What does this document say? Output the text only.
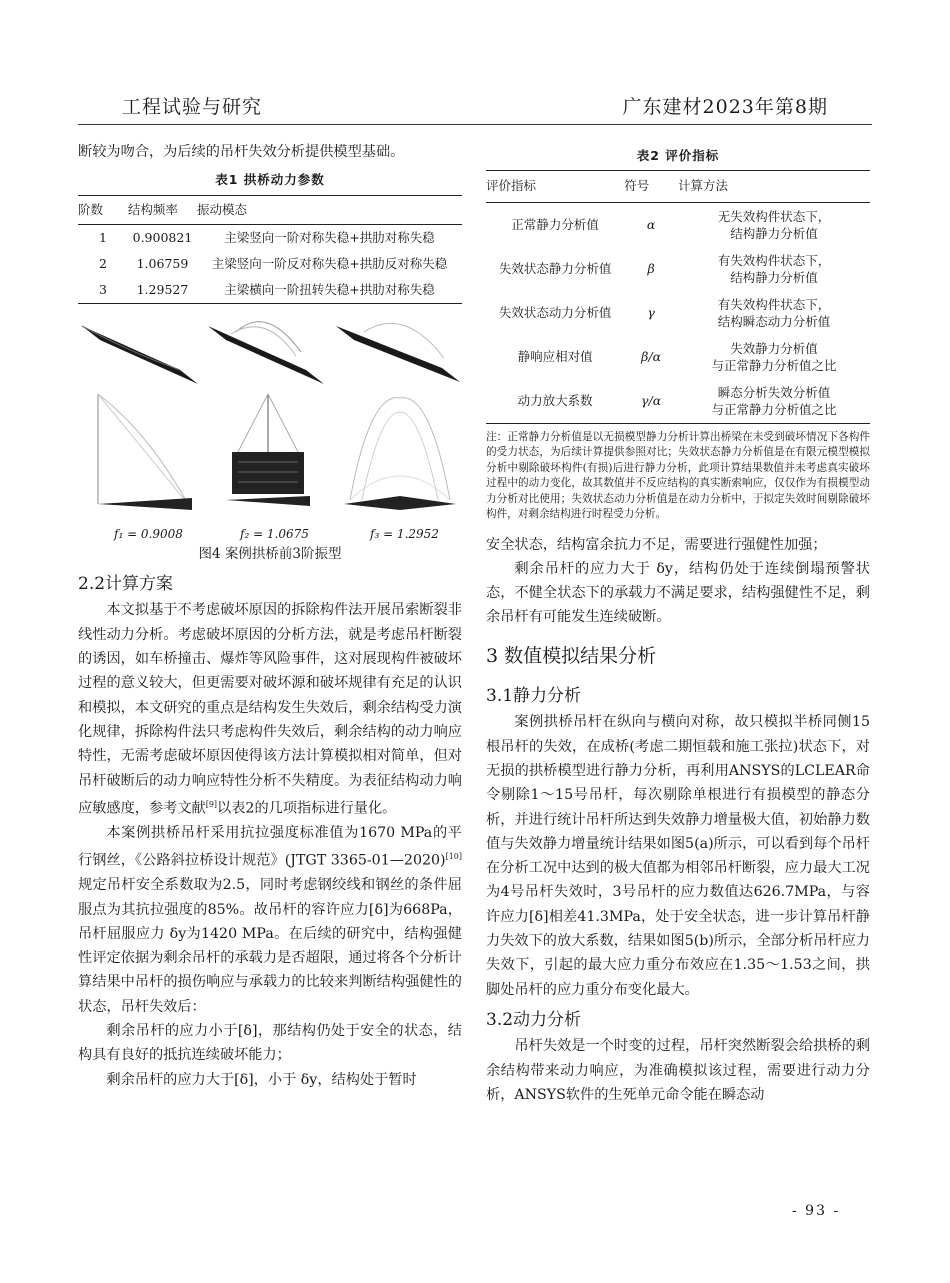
工程试验与研究	广东建材2023年第8期

断较为吻合，为后续的吊杆失效分析提供模型基础。

表1 拱桥动力参数
阶数	结构频率	振动模态
1	0.900821	主梁竖向一阶对称失稳+拱肋对称失稳
2	1.06759	主梁竖向一阶反对称失稳+拱肋反对称失稳
3	1.29527	主梁横向一阶扭转失稳+拱肋对称失稳
f₁ = 0.9008	f₂ = 1.0675	f₃ = 1.2952
图4 案例拱桥前3阶振型
2.2计算方案

本文拟基于不考虑破坏原因的拆除构件法开展吊索断裂非线性动力分析。考虑破坏原因的分析方法，就是考虑吊杆断裂的诱因，如车桥撞击、爆炸等风险事件，这对展现构件被破坏过程的意义较大，但更需要对破坏源和破坏规律有充足的认识和模拟，本文研究的重点是结构发生失效后，剩余结构受力演化规律，拆除构件法只考虑构件失效后，剩余结构的动力响应特性，无需考虑破坏原因使得该方法计算模拟相对简单，但对吊杆破断后的动力响应特性分析不失精度。为表征结构动力响应敏感度，参考文献[9]以表2的几项指标进行量化。

本案例拱桥吊杆采用抗拉强度标准值为1670 MPa的平行钢丝，《公路斜拉桥设计规范》(JTGT 3365-01—2020)[10]规定吊杆安全系数取为2.5，同时考虑钢绞线和钢丝的条件屈服点为其抗拉强度的85%。故吊杆的容许应力[δ]为668Pa，吊杆屈服应力 δy为1420 MPa。在后续的研究中，结构强健性评定依据为剩余吊杆的承载力是否超限，通过将各个分析计算结果中吊杆的损伤响应与承载力的比较来判断结构强健性的状态，吊杆失效后：

剩余吊杆的应力小于[δ]，那结构仍处于安全的状态，结构具有良好的抵抗连续破坏能力；

剩余吊杆的应力大于[δ]，小于 δy，结构处于暂时

表2 评价指标
评价指标	符号	计算方法
正常静力分析值	α	无失效构件状态下，
结构静力分析值
失效状态静力分析值	β	有失效构件状态下，
结构静力分析值
失效状态动力分析值	γ	有失效构件状态下，
结构瞬态动力分析值
静响应相对值	β/α	失效静力分析值
与正常静力分析值之比
动力放大系数	γ/α	瞬态分析失效分析值
与正常静力分析值之比
注：正常静力分析值是以无损模型静力分析计算出桥梁在未受到破坏情况下各构件的受力状态，为后续计算提供参照对比；失效状态静力分析值是在有限元模型模拟分析中剔除破坏构件(有损)后进行静力分析，此项计算结果数值并未考虑真实破坏过程中的动力变化，故其数值并不反应结构的真实断索响应，仅仅作为有损模型动力分析对比使用；失效状态动力分析值是在动力分析中，于拟定失效时间剔除破坏构件，对剩余结构进行时程受力分析。

安全状态，结构富余抗力不足，需要进行强健性加强；

剩余吊杆的应力大于 δy，结构仍处于连续倒塌预警状态，不健全状态下的承载力不满足要求，结构强健性不足，剩余吊杆有可能发生连续破断。

3 数值模拟结果分析
3.1静力分析

案例拱桥吊杆在纵向与横向对称，故只模拟半桥同侧15根吊杆的失效，在成桥(考虑二期恒载和施工张拉)状态下，对无损的拱桥模型进行静力分析，再利用ANSYS的LCLEAR命令剔除1～15号吊杆，每次剔除单根进行有损模型的静态分析，并进行统计吊杆所达到失效静力增量极大值，初始静力数值与失效静力增量统计结果如图5(a)所示，可以看到每个吊杆在分析工况中达到的极大值都为相邻吊杆断裂，应力最大工况为4号吊杆失效时，3号吊杆的应力数值达626.7MPa，与容许应力[δ]相差41.3MPa，处于安全状态，进一步计算吊杆静力失效下的放大系数，结果如图5(b)所示，全部分析吊杆应力失效下，引起的最大应力重分布效应在1.35～1.53之间，拱脚处吊杆的应力重分布变化最大。

3.2动力分析

吊杆失效是一个时变的过程，吊杆突然断裂会给拱桥的剩余结构带来动力响应，为准确模拟该过程，需要进行动力分析，ANSYS软件的生死单元命令能在瞬态动

- 93 -
